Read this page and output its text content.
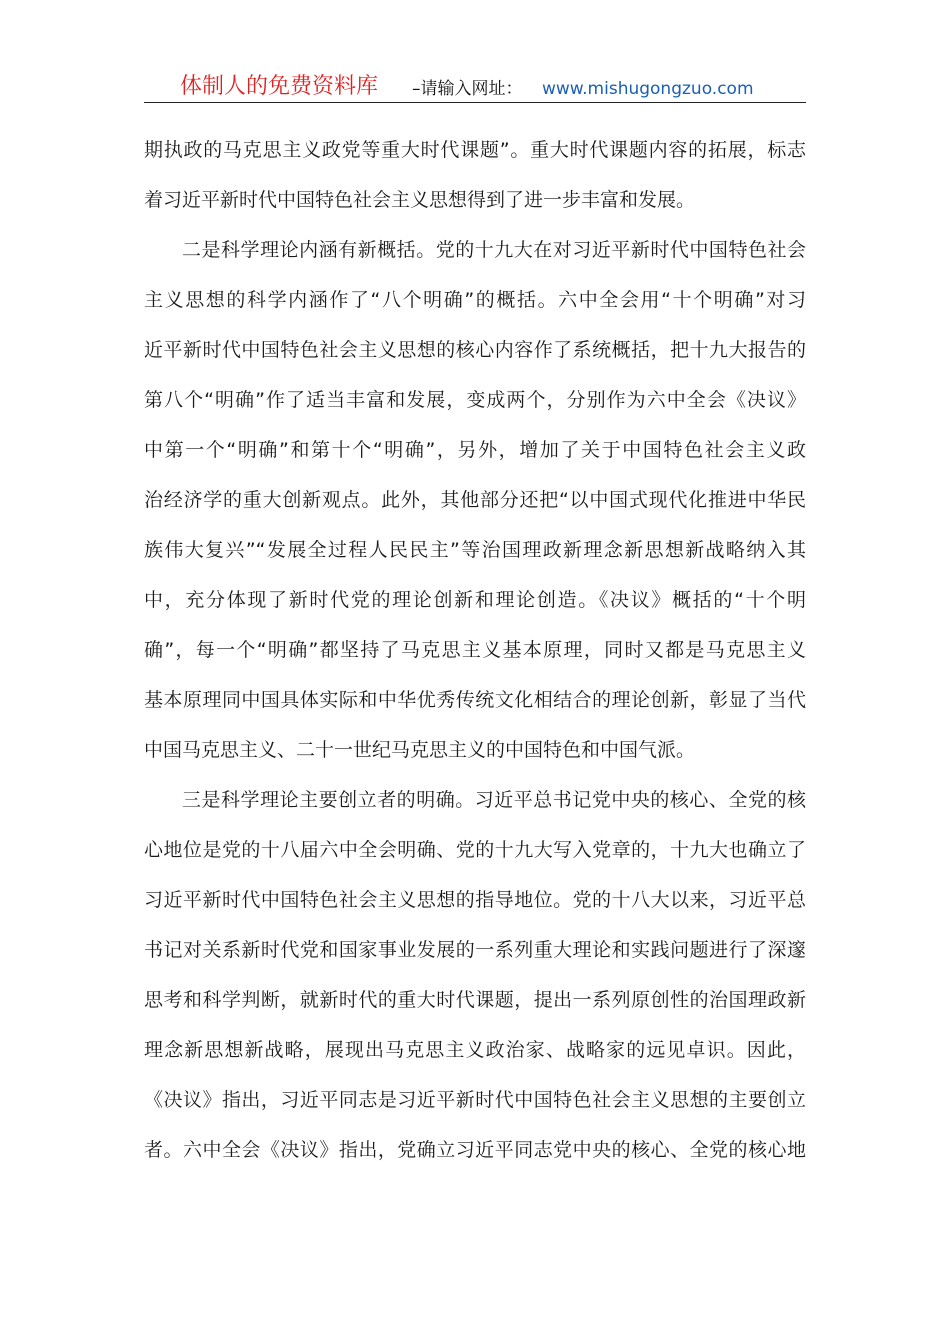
体制人的免费资料库 –请输入网址： www.mishugongzuo.com
期执政的马克思主义政党等重大时代课题”。重大时代课题内容的拓展，标志
着习近平新时代中国特色社会主义思想得到了进一步丰富和发展。
二是科学理论内涵有新概括。党的十九大在对习近平新时代中国特色社会
主义思想的科学内涵作了“八个明确”的概括。六中全会用“十个明确”对习
近平新时代中国特色社会主义思想的核心内容作了系统概括，把十九大报告的
第八个“明确”作了适当丰富和发展，变成两个，分别作为六中全会《决议》
中第一个“明确”和第十个“明确”，另外，增加了关于中国特色社会主义政
治经济学的重大创新观点。此外，其他部分还把“以中国式现代化推进中华民
族伟大复兴”“发展全过程人民民主”等治国理政新理念新思想新战略纳入其
中，充分体现了新时代党的理论创新和理论创造。《决议》概括的“十个明
确”，每一个“明确”都坚持了马克思主义基本原理，同时又都是马克思主义
基本原理同中国具体实际和中华优秀传统文化相结合的理论创新，彰显了当代
中国马克思主义、二十一世纪马克思主义的中国特色和中国气派。
三是科学理论主要创立者的明确。习近平总书记党中央的核心、全党的核
心地位是党的十八届六中全会明确、党的十九大写入党章的，十九大也确立了
习近平新时代中国特色社会主义思想的指导地位。党的十八大以来，习近平总
书记对关系新时代党和国家事业发展的一系列重大理论和实践问题进行了深邃
思考和科学判断，就新时代的重大时代课题，提出一系列原创性的治国理政新
理念新思想新战略，展现出马克思主义政治家、战略家的远见卓识。因此，
《决议》指出，习近平同志是习近平新时代中国特色社会主义思想的主要创立
者。六中全会《决议》指出，党确立习近平同志党中央的核心、全党的核心地
